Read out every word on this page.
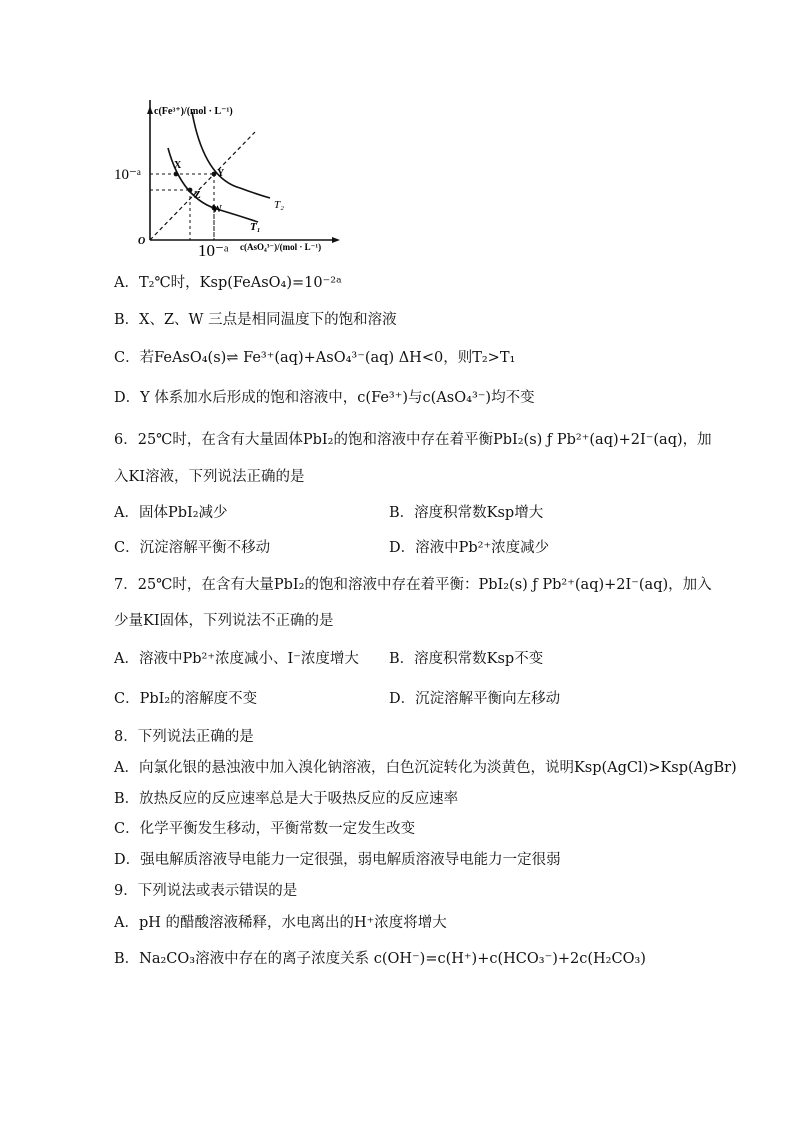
c(Fe³⁺)/(mol · L⁻¹)
c(AsO₄³⁻)/(mol · L⁻¹)
10⁻ᵃ
10⁻ᵃ
O
X
Y
Z
W
T₁
T₂
A．T₂℃时，Ksp(FeAsO₄)=10⁻²ᵃ
B．X、Z、W 三点是相同温度下的饱和溶液
C．若FeAsO₄(s)⇌ Fe³⁺(aq)+AsO₄³⁻(aq) ΔH<0，则T₂>T₁
D．Y 体系加水后形成的饱和溶液中，c(Fe³⁺)与c(AsO₄³⁻)均不变
6．25℃时，在含有大量固体PbI₂的饱和溶液中存在着平衡PbI₂(s) ƒ Pb²⁺(aq)+2I⁻(aq)，加
入KI溶液，下列说法正确的是
A．固体PbI₂减少	B．溶度积常数Ksp增大
C．沉淀溶解平衡不移动	D．溶液中Pb²⁺浓度减少
7．25℃时，在含有大量PbI₂的饱和溶液中存在着平衡：PbI₂(s) ƒ Pb²⁺(aq)+2I⁻(aq)，加入
少量KI固体，下列说法不正确的是
A．溶液中Pb²⁺浓度减小、I⁻浓度增大 B．溶度积常数Ksp不变
C．PbI₂的溶解度不变	D．沉淀溶解平衡向左移动
8．下列说法正确的是
A．向氯化银的悬浊液中加入溴化钠溶液，白色沉淀转化为淡黄色，说明Ksp(AgCl)>Ksp(AgBr)
B．放热反应的反应速率总是大于吸热反应的反应速率
C．化学平衡发生移动，平衡常数一定发生改变
D．强电解质溶液导电能力一定很强，弱电解质溶液导电能力一定很弱
9．下列说法或表示错误的是
A．pH 的醋酸溶液稀释，水电离出的H⁺浓度将增大
B．Na₂CO₃溶液中存在的离子浓度关系 c(OH⁻)=c(H⁺)+c(HCO₃⁻)+2c(H₂CO₃)
